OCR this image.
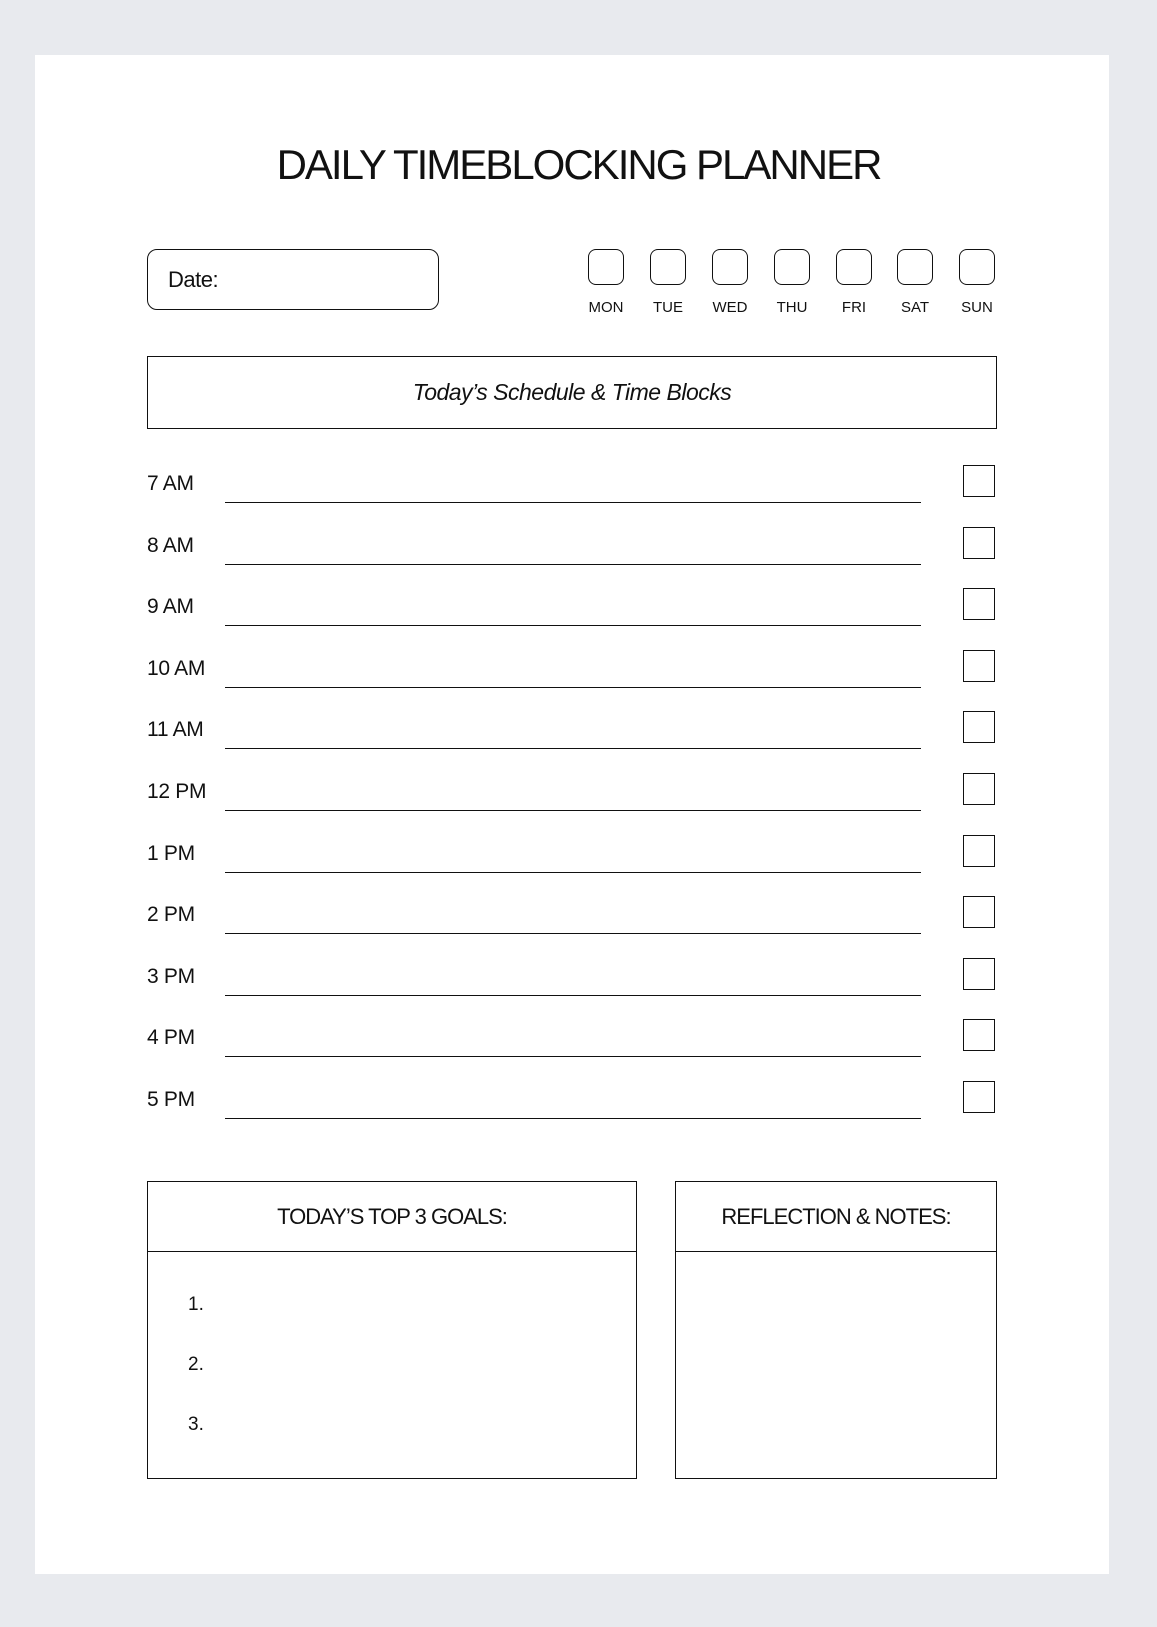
DAILY TIMEBLOCKING PLANNER
Date:
MON	TUE	WED	THU	FRI	SAT	SUN
Today’s Schedule & Time Blocks
7 AM
8 AM
9 AM
10 AM
11 AM
12 PM
1 PM
2 PM
3 PM
4 PM
5 PM
TODAY’S TOP 3 GOALS:
1.
2.
3.
REFLECTION & NOTES:
